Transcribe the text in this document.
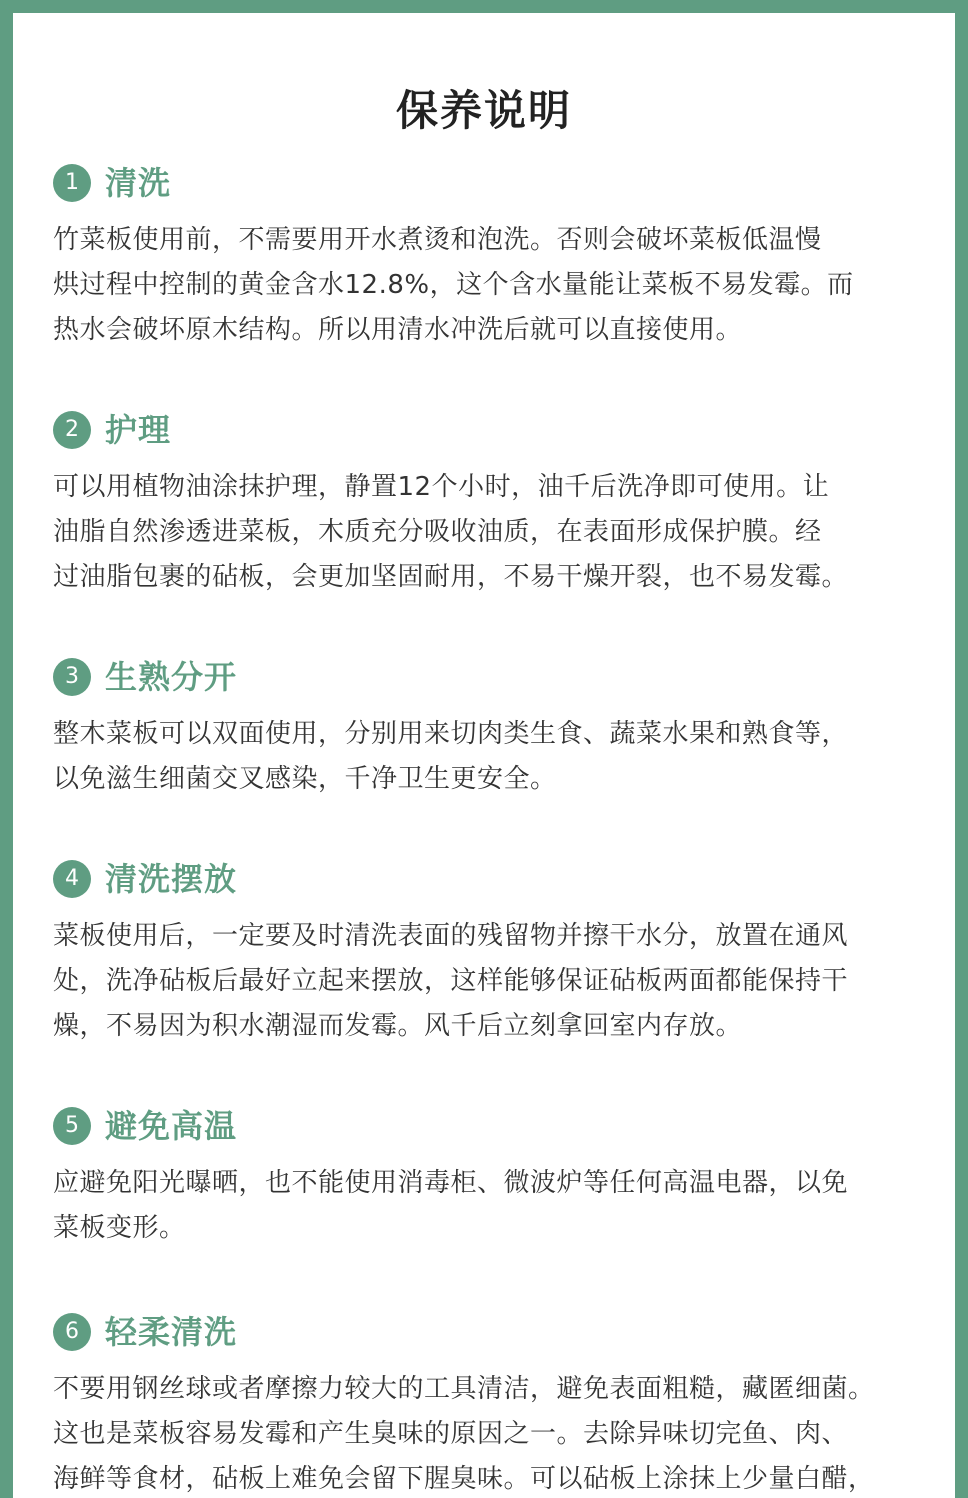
保养说明
1 清洗
竹菜板使用前，不需要用开水煮烫和泡洗。否则会破坏菜板低温慢
烘过程中控制的黄金含水12.8%，这个含水量能让菜板不易发霉。而
热水会破坏原木结构。所以用清水冲洗后就可以直接使用。
2 护理
可以用植物油涂抹护理，静置12个小时，油千后洗净即可使用。让
油脂自然渗透进菜板，木质充分吸收油质，在表面形成保护膜。经
过油脂包裹的砧板，会更加坚固耐用，不易干燥开裂，也不易发霉。
3 生熟分开
整木菜板可以双面使用，分别用来切肉类生食、蔬菜水果和熟食等，
以免滋生细菌交叉感染，千净卫生更安全。
4 清洗摆放
菜板使用后，一定要及时清洗表面的残留物并擦干水分，放置在通风
处，洗净砧板后最好立起来摆放，这样能够保证砧板两面都能保持干
燥，不易因为积水潮湿而发霉。风千后立刻拿回室内存放。
5 避免高温
应避免阳光曝晒，也不能使用消毒柜、微波炉等任何高温电器，以免
菜板变形。
6 轻柔清洗
不要用钢丝球或者摩擦力较大的工具清洁，避免表面粗糙，藏匿细菌。
这也是菜板容易发霉和产生臭味的原因之一。去除异味切完鱼、肉、
海鲜等食材，砧板上难免会留下腥臭味。可以砧板上涂抹上少量白醋，
